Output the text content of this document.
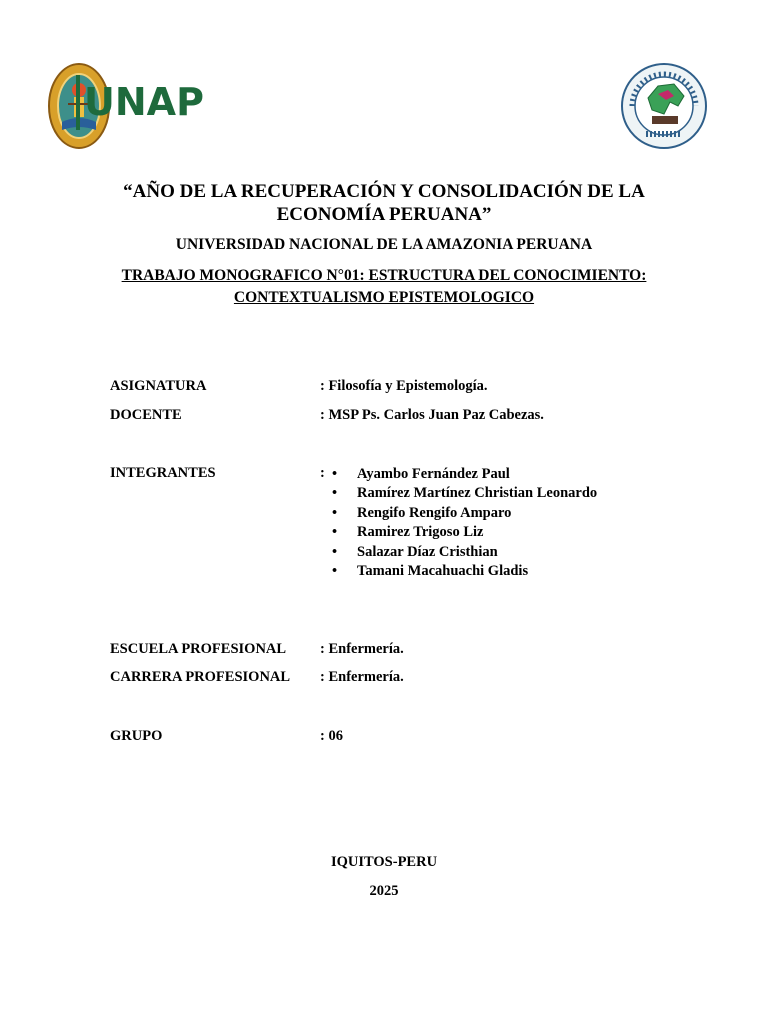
UNAP
“AÑO DE LA RECUPERACIÓN Y CONSOLIDACIÓN DE LA
ECONOMÍA PERUANA”
UNIVERSIDAD NACIONAL DE LA AMAZONIA PERUANA
TRABAJO MONOGRAFICO N°01: ESTRUCTURA DEL CONOCIMIENTO:
CONTEXTUALISMO EPISTEMOLOGICO
ASIGNATURA	: Filosofía y Epistemología.
DOCENTE	: MSP Ps. Carlos Juan Paz Cabezas.
INTEGRANTES	: • Ayambo Fernández Paul
• Ramírez Martínez Christian Leonardo
• Rengifo Rengifo Amparo
• Ramirez Trigoso Liz
• Salazar Díaz Cristhian
• Tamani Macahuachi Gladis
ESCUELA PROFESIONAL : Enfermería.
CARRERA PROFESIONAL : Enfermería.
GRUPO	: 06
IQUITOS-PERU
2025
